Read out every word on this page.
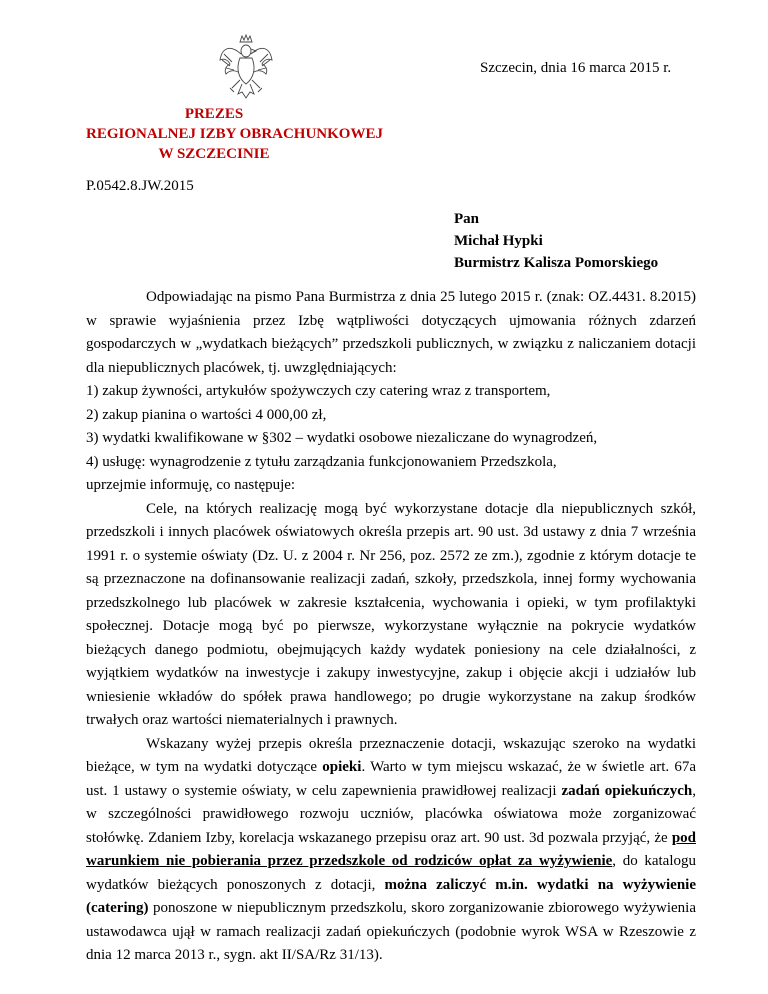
Szczecin, dnia 16 marca 2015 r.
PREZES
REGIONALNEJ IZBY OBRACHUNKOWEJ
W SZCZECINIE
P.0542.8.JW.2015
Pan
Michał Hypki
Burmistrz Kalisza Pomorskiego

Odpowiadając na pismo Pana Burmistrza z dnia 25 lutego 2015 r. (znak: OZ.4431. 8.2015) w sprawie wyjaśnienia przez Izbę wątpliwości dotyczących ujmowania różnych zdarzeń gospodarczych w „wydatkach bieżących” przedszkoli publicznych, w związku z naliczaniem dotacji dla niepublicznych placówek, tj. uwzględniających:

1) zakup żywności, artykułów spożywczych czy catering wraz z transportem,

2) zakup pianina o wartości 4 000,00 zł,

3) wydatki kwalifikowane w §302 – wydatki osobowe niezaliczane do wynagrodzeń,

4) usługę: wynagrodzenie z tytułu zarządzania funkcjonowaniem Przedszkola,

uprzejmie informuję, co następuje:

Cele, na których realizację mogą być wykorzystane dotacje dla niepublicznych szkół, przedszkoli i innych placówek oświatowych określa przepis art. 90 ust. 3d ustawy z dnia 7 września 1991 r. o systemie oświaty (Dz. U. z 2004 r. Nr 256, poz. 2572 ze zm.), zgodnie z którym dotacje te są przeznaczone na dofinansowanie realizacji zadań, szkoły, przedszkola, innej formy wychowania przedszkolnego lub placówek w zakresie kształcenia, wychowania i opieki, w tym profilaktyki społecznej. Dotacje mogą być po pierwsze, wykorzystane wyłącznie na pokrycie wydatków bieżących danego podmiotu, obejmujących każdy wydatek poniesiony na cele działalności, z wyjątkiem wydatków na inwestycje i zakupy inwestycyjne, zakup i objęcie akcji i udziałów lub wniesienie wkładów do spółek prawa handlowego; po drugie wykorzystane na zakup środków trwałych oraz wartości niematerialnych i prawnych.

Wskazany wyżej przepis określa przeznaczenie dotacji, wskazując szeroko na wydatki bieżące, w tym na wydatki dotyczące opieki. Warto w tym miejscu wskazać, że w świetle art. 67a ust. 1 ustawy o systemie oświaty, w celu zapewnienia prawidłowej realizacji zadań opiekuńczych, w szczególności prawidłowego rozwoju uczniów, placówka oświatowa może zorganizować stołówkę. Zdaniem Izby, korelacja wskazanego przepisu oraz art. 90 ust. 3d pozwala przyjąć, że pod warunkiem nie pobierania przez przedszkole od rodziców opłat za wyżywienie, do katalogu wydatków bieżących ponoszonych z dotacji, można zaliczyć m.in. wydatki na wyżywienie (catering) ponoszone w niepublicznym przedszkolu, skoro zorganizowanie zbiorowego wyżywienia ustawodawca ujął w ramach realizacji zadań opiekuńczych (podobnie wyrok WSA w Rzeszowie z dnia 12 marca 2013 r., sygn. akt II/SA/Rz 31/13).
